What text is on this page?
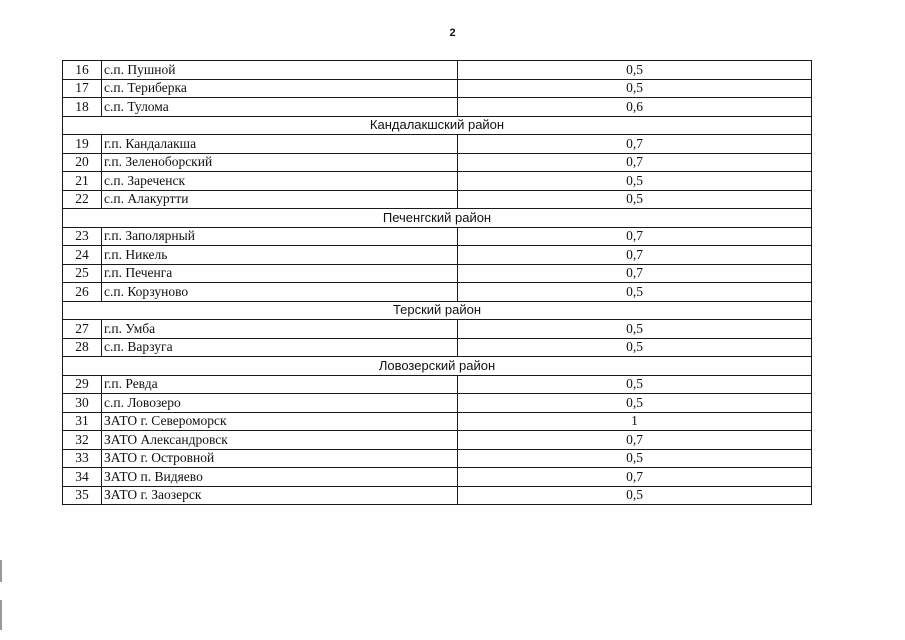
2
16	с.п. Пушной	0,5
17	с.п. Териберка	0,5
18	с.п. Тулома	0,6
Кандалакшский район		
19	г.п. Кандалакша	0,7
20	г.п. Зеленоборский	0,7
21	с.п. Зареченск	0,5
22	с.п. Алакуртти	0,5
Печенгский район		
23	г.п. Заполярный	0,7
24	г.п. Никель	0,7
25	г.п. Печенга	0,7
26	с.п. Корзуново	0,5
Терский район		
27	г.п. Умба	0,5
28	с.п. Варзуга	0,5
Ловозерский район		
29	г.п. Ревда	0,5
30	с.п. Ловозеро	0,5
31	ЗАТО г. Североморск	1
32	ЗАТО Александровск	0,7
33	ЗАТО г. Островной	0,5
34	ЗАТО п. Видяево	0,7
35	ЗАТО г. Заозерск	0,5
